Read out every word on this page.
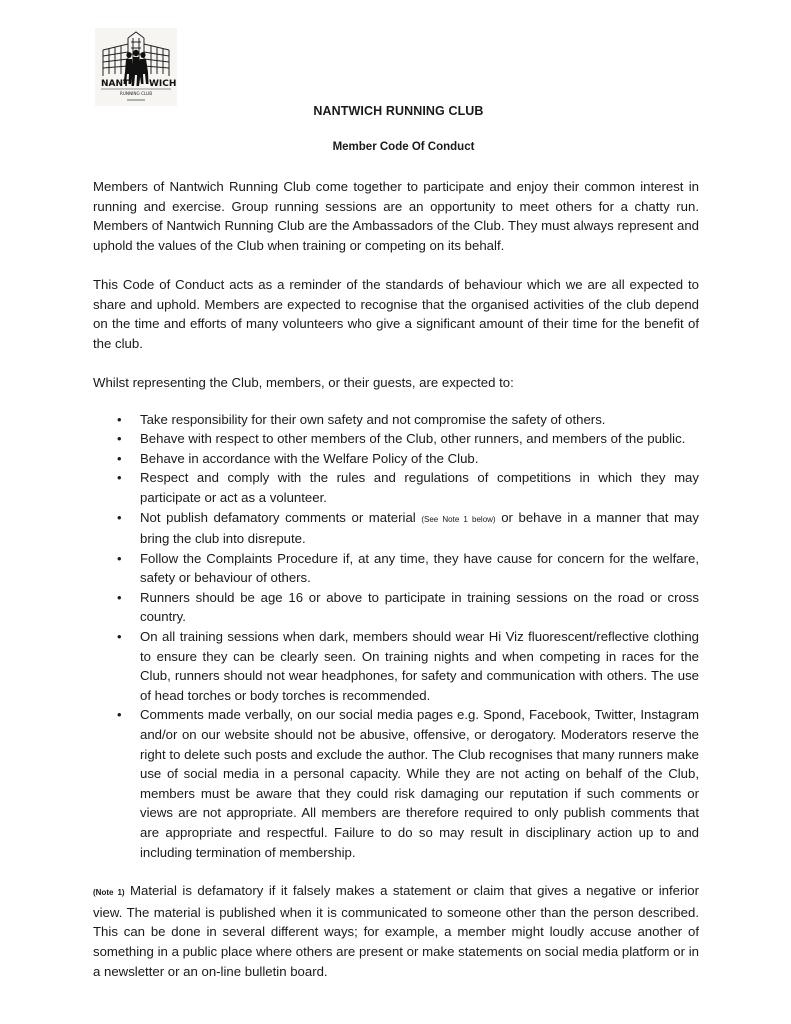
NANT WICH
RUNNING CLUB
NANTWICH RUNNING CLUB
Member Code Of Conduct

Members of Nantwich Running Club come together to participate and enjoy their common interest in running and exercise. Group running sessions are an opportunity to meet others for a chatty run. Members of Nantwich Running Club are the Ambassadors of the Club. They must always represent and uphold the values of the Club when training or competing on its behalf.

This Code of Conduct acts as a reminder of the standards of behaviour which we are all expected to share and uphold. Members are expected to recognise that the organised activities of the club depend on the time and efforts of many volunteers who give a significant amount of their time for the benefit of the club.

Whilst representing the Club, members, or their guests, are expected to:

• Take responsibility for their own safety and not compromise the safety of others.
• Behave with respect to other members of the Club, other runners, and members of the public.
• Behave in accordance with the Welfare Policy of the Club.
• Respect and comply with the rules and regulations of competitions in which they may participate or act as a volunteer.
• Not publish defamatory comments or material (See Note 1 below) or behave in a manner that may bring the club into disrepute.
• Follow the Complaints Procedure if, at any time, they have cause for concern for the welfare, safety or behaviour of others.
• Runners should be age 16 or above to participate in training sessions on the road or cross country.
• On all training sessions when dark, members should wear Hi Viz fluorescent/reflective clothing to ensure they can be clearly seen. On training nights and when competing in races for the Club, runners should not wear headphones, for safety and communication with others. The use of head torches or body torches is recommended.
• Comments made verbally, on our social media pages e.g. Spond, Facebook, Twitter, Instagram and/or on our website should not be abusive, offensive, or derogatory. Moderators reserve the right to delete such posts and exclude the author. The Club recognises that many runners make use of social media in a personal capacity. While they are not acting on behalf of the Club, members must be aware that they could risk damaging our reputation if such comments or views are not appropriate. All members are therefore required to only publish comments that are appropriate and respectful. Failure to do so may result in disciplinary action up to and including termination of membership.

(Note 1) Material is defamatory if it falsely makes a statement or claim that gives a negative or inferior view. The material is published when it is communicated to someone other than the person described. This can be done in several different ways; for example, a member might loudly accuse another of something in a public place where others are present or make statements on social media platform or in a newsletter or an on-line bulletin board.
